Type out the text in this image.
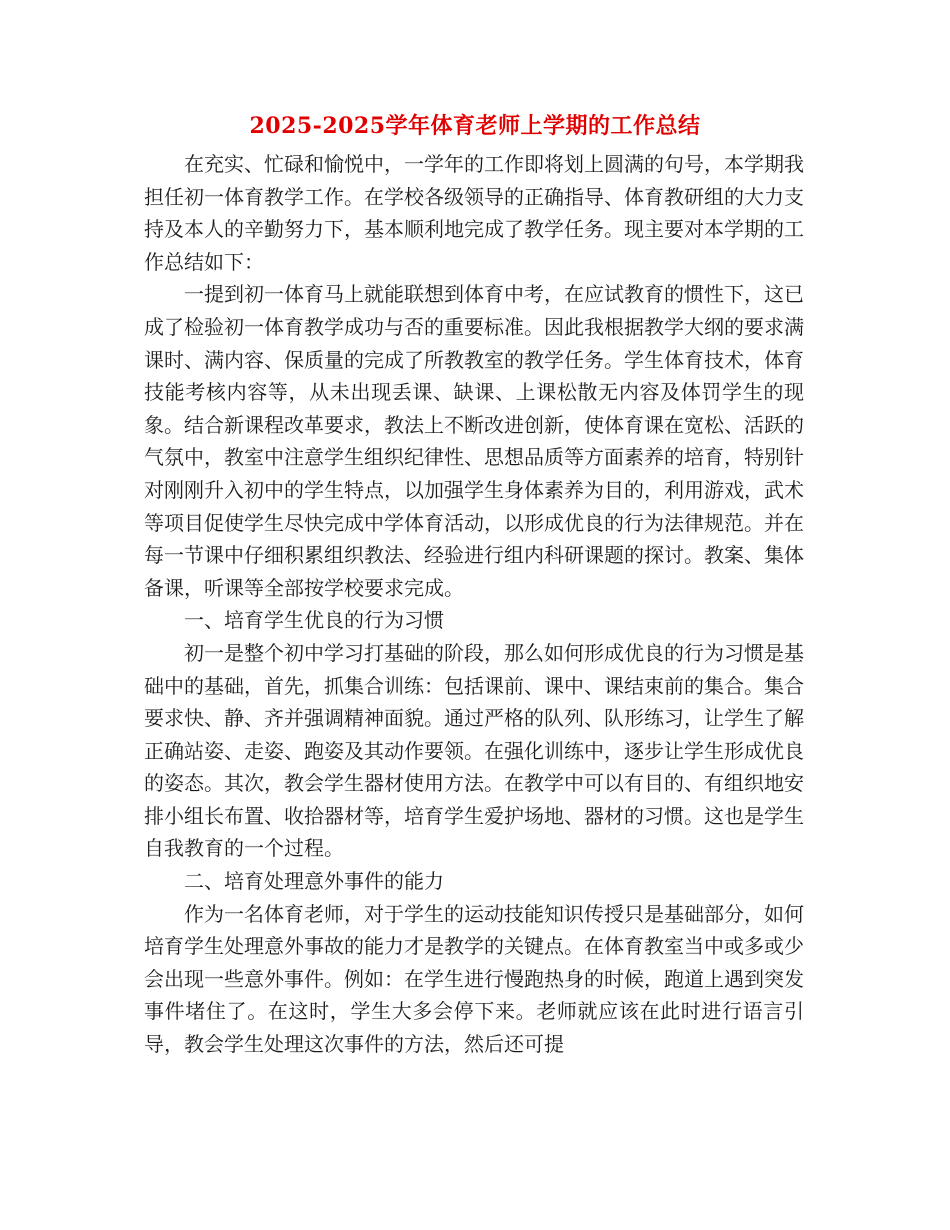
2025-2025学年体育老师上学期的工作总结

在充实、忙碌和愉悦中，一学年的工作即将划上圆满的句号，本学期我担任初一体育教学工作。在学校各级领导的正确指导、体育教研组的大力支持及本人的辛勤努力下，基本顺利地完成了教学任务。现主要对本学期的工作总结如下：

一提到初一体育马上就能联想到体育中考，在应试教育的惯性下，这已成了检验初一体育教学成功与否的重要标准。因此我根据教学大纲的要求满课时、满内容、保质量的完成了所教教室的教学任务。学生体育技术，体育技能考核内容等，从未出现丢课、缺课、上课松散无内容及体罚学生的现象。结合新课程改革要求，教法上不断改进创新，使体育课在宽松、活跃的气氛中，教室中注意学生组织纪律性、思想品质等方面素养的培育，特别针对刚刚升入初中的学生特点，以加强学生身体素养为目的，利用游戏，武术等项目促使学生尽快完成中学体育活动，以形成优良的行为法律规范。并在每一节课中仔细积累组织教法、经验进行组内科研课题的探讨。教案、集体备课，听课等全部按学校要求完成。

一、培育学生优良的行为习惯

初一是整个初中学习打基础的阶段，那么如何形成优良的行为习惯是基础中的基础，首先，抓集合训练：包括课前、课中、课结束前的集合。集合要求快、静、齐并强调精神面貌。通过严格的队列、队形练习，让学生了解正确站姿、走姿、跑姿及其动作要领。在强化训练中，逐步让学生形成优良的姿态。其次，教会学生器材使用方法。在教学中可以有目的、有组织地安排小组长布置、收拾器材等，培育学生爱护场地、器材的习惯。这也是学生自我教育的一个过程。

二、培育处理意外事件的能力

作为一名体育老师，对于学生的运动技能知识传授只是基础部分，如何培育学生处理意外事故的能力才是教学的关键点。在体育教室当中或多或少会出现一些意外事件。例如：在学生进行慢跑热身的时候，跑道上遇到突发事件堵住了。在这时，学生大多会停下来。老师就应该在此时进行语言引导，教会学生处理这次事件的方法，然后还可提
